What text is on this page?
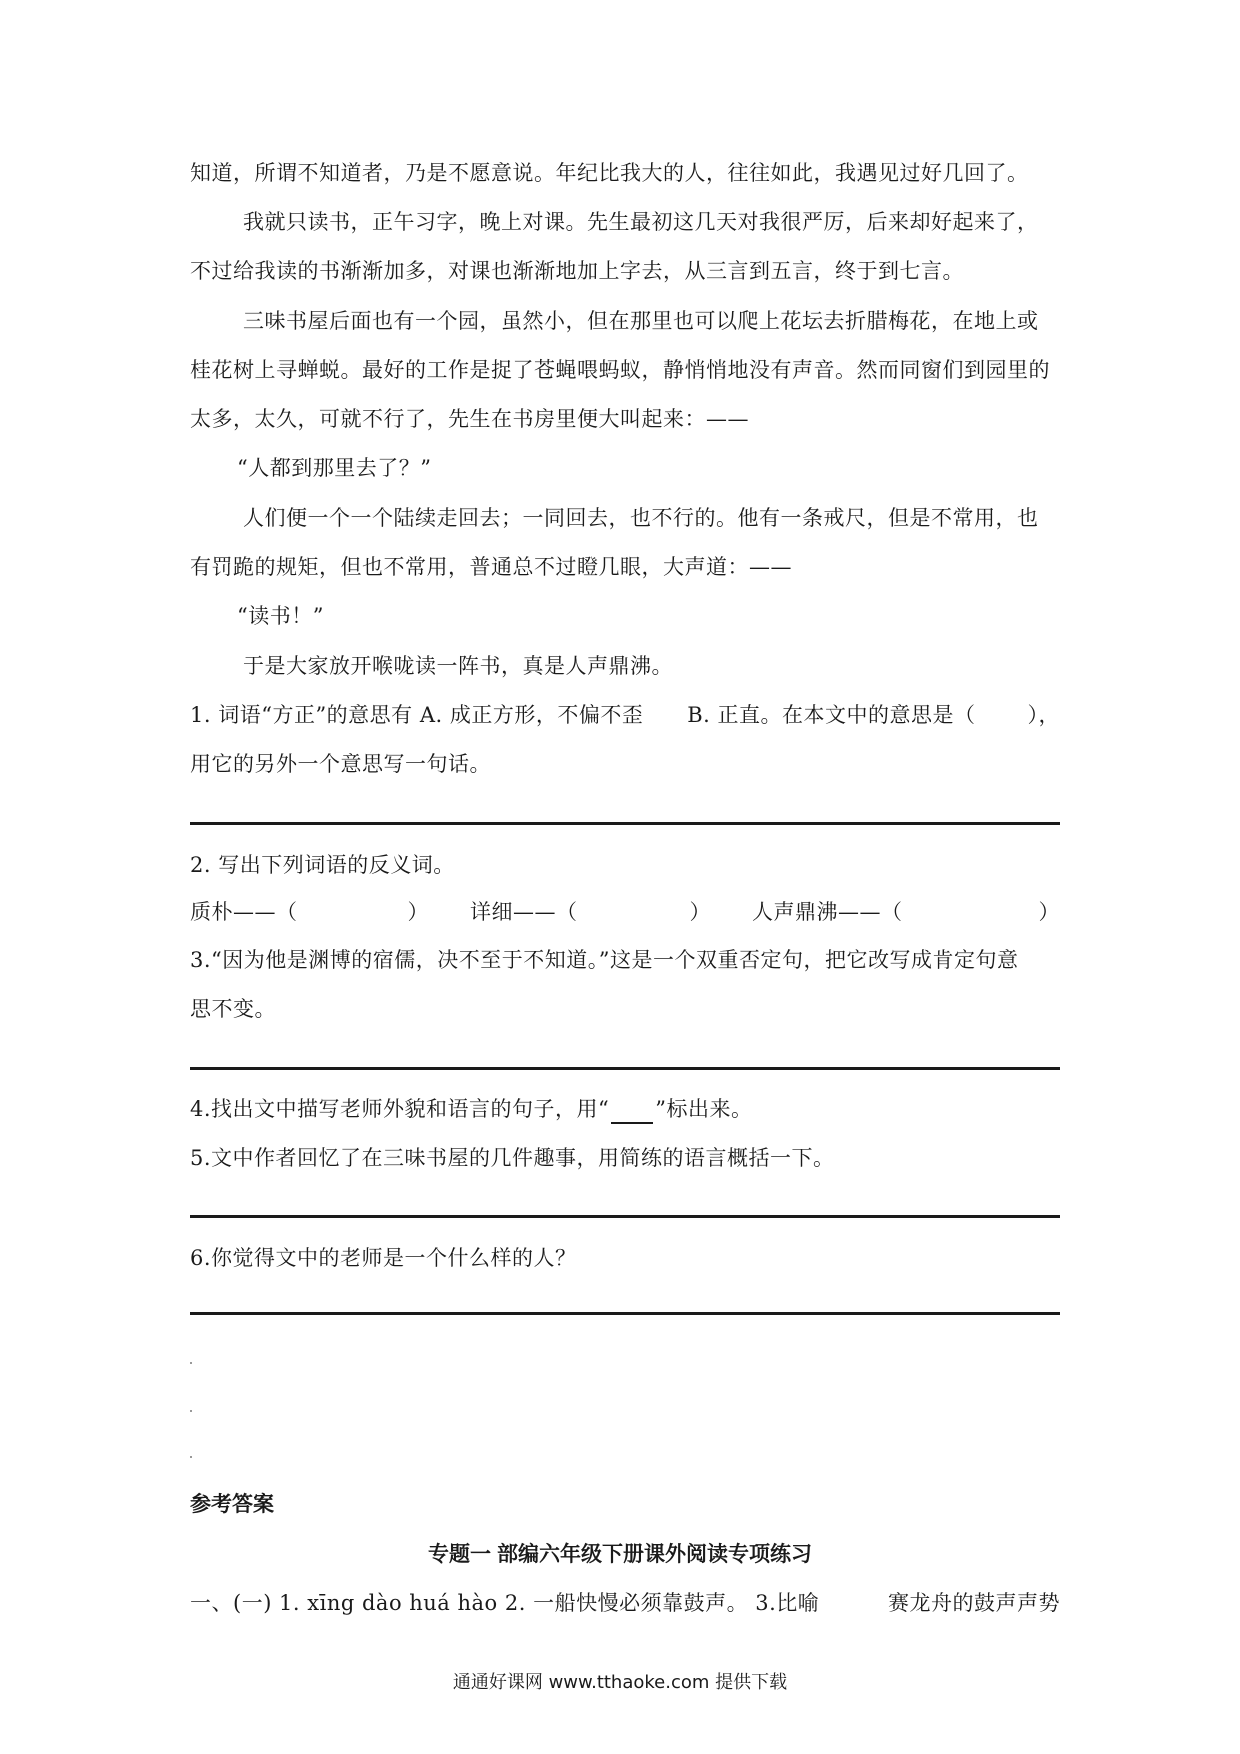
知道，所谓不知道者，乃是不愿意说。年纪比我大的人，往往如此，我遇见过好几回了。
我就只读书，正午习字，晚上对课。先生最初这几天对我很严厉，后来却好起来了，
不过给我读的书渐渐加多，对课也渐渐地加上字去，从三言到五言，终于到七言。
三味书屋后面也有一个园，虽然小，但在那里也可以爬上花坛去折腊梅花，在地上或
桂花树上寻蝉蜕。最好的工作是捉了苍蝇喂蚂蚁，静悄悄地没有声音。然而同窗们到园里的
太多，太久，可就不行了，先生在书房里便大叫起来：——
“人都到那里去了？”
人们便一个一个陆续走回去；一同回去，也不行的。他有一条戒尺，但是不常用，也
有罚跪的规矩，但也不常用，普通总不过瞪几眼，大声道：——
“读书！”
于是大家放开喉咙读一阵书，真是人声鼎沸。
1. 词语“方正”的意思有 A. 成正方形，不偏不歪 B. 正直。在本文中的意思是（ ），
用它的另外一个意思写一句话。
2. 写出下列词语的反义词。
质朴——（	） 详细——（	） 人声鼎沸——（	）
3.“因为他是渊博的宿儒，决不至于不知道。”这是一个双重否定句，把它改写成肯定句意
思不变。
4.找出文中描写老师外貌和语言的句子，用“ ”标出来。
5.文中作者回忆了在三味书屋的几件趣事，用简练的语言概括一下。
6.你觉得文中的老师是一个什么样的人？
参考答案
专题一 部编六年级下册课外阅读专项练习
一、(一) 1. xīng dào huá hào 2. 一船快慢必须靠鼓声。 3.比喻	赛龙舟的鼓声声势
通通好课网 www.tthaoke.com 提供下载
